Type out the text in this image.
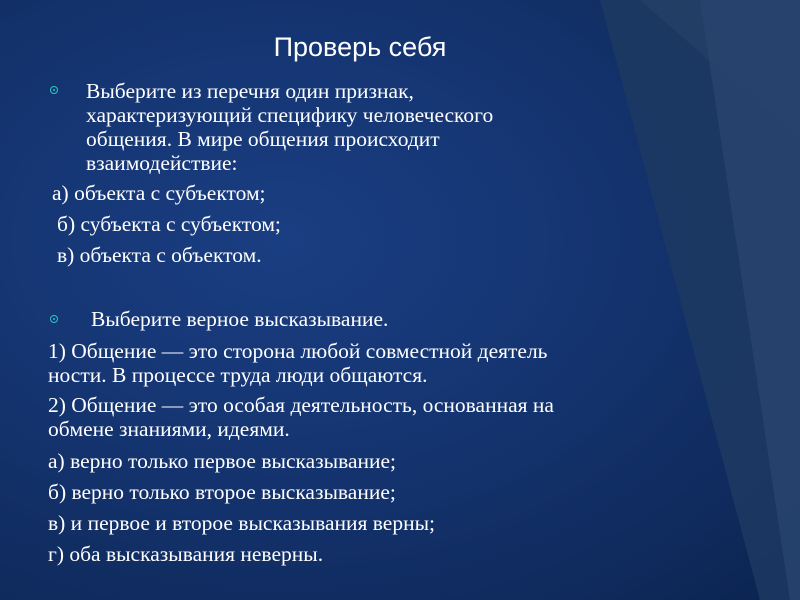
Проверь себя
Выберите из перечня один признак,
характеризующий специфику человеческого
общения. В мире общения происходит
взаимодействие:
а) объекта с субъектом;
б) субъекта с субъектом;
в) объекта с объектом.
Выберите верное высказывание.
1) Общение — это сторона любой совместной деятель
ности. В процессе труда люди общаются.
2) Общение — это особая деятельность, основанная на
обмене знаниями, идеями.
а) верно только первое высказывание;
б) верно только второе высказывание;
в) и первое и второе высказывания верны;
г) оба высказывания неверны.
